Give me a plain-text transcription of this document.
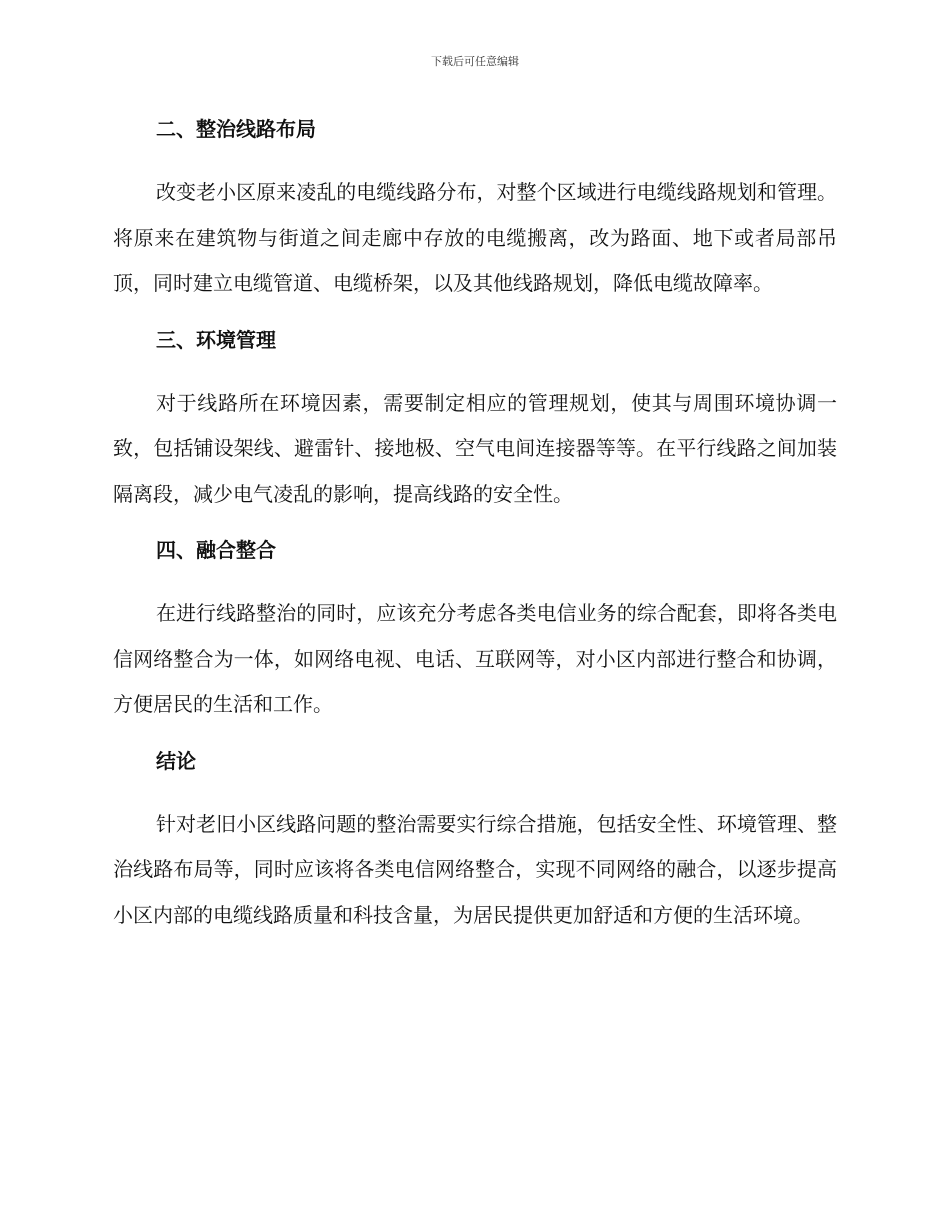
下载后可任意编辑
二、整治线路布局

改变老小区原来凌乱的电缆线路分布，对整个区域进行电缆线路规划和管理。将原来在建筑物与街道之间走廊中存放的电缆搬离，改为路面、地下或者局部吊顶，同时建立电缆管道、电缆桥架，以及其他线路规划，降低电缆故障率。

三、环境管理

对于线路所在环境因素，需要制定相应的管理规划，使其与周围环境协调一致，包括铺设架线、避雷针、接地极、空气电间连接器等等。在平行线路之间加装隔离段，减少电气凌乱的影响，提高线路的安全性。

四、融合整合

在进行线路整治的同时，应该充分考虑各类电信业务的综合配套，即将各类电信网络整合为一体，如网络电视、电话、互联网等，对小区内部进行整合和协调，方便居民的生活和工作。

结论

针对老旧小区线路问题的整治需要实行综合措施，包括安全性、环境管理、整治线路布局等，同时应该将各类电信网络整合，实现不同网络的融合，以逐步提高小区内部的电缆线路质量和科技含量，为居民提供更加舒适和方便的生活环境。
